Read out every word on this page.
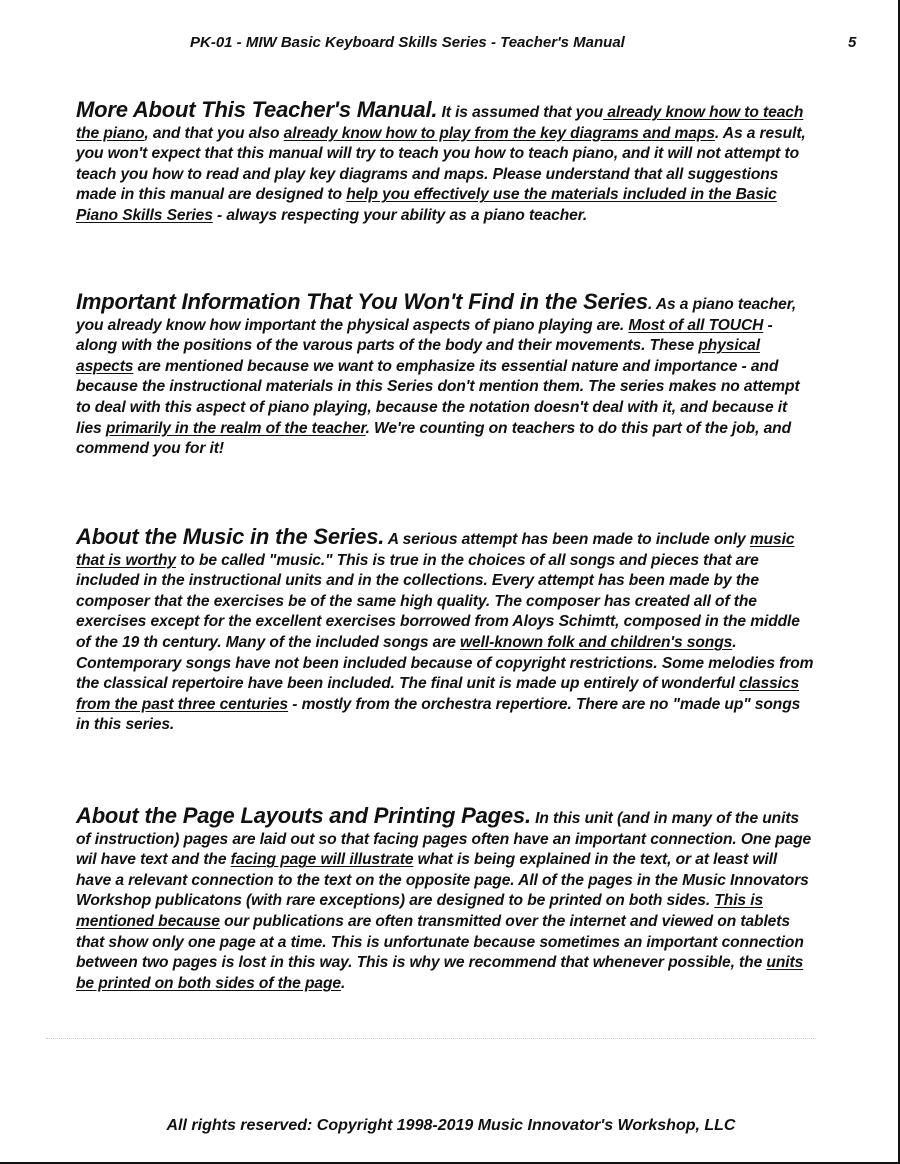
PK-01 - MIW Basic Keyboard Skills Series - Teacher's Manual	5
More About This Teacher's Manual. It is assumed that you already know how to teach the piano, and that you also already know how to play from the key diagrams and maps. As a result, you won't expect that this manual will try to teach you how to teach piano, and it will not attempt to teach you how to read and play key diagrams and maps. Please understand that all suggestions made in this manual are designed to help you effectively use the materials included in the Basic Piano Skills Series - always respecting your ability as a piano teacher.
Important Information That You Won't Find in the Series. As a piano teacher, you already know how important the physical aspects of piano playing are. Most of all TOUCH - along with the positions of the varous parts of the body and their movements. These physical aspects are mentioned because we want to emphasize its essential nature and importance - and because the instructional materials in this Series don't mention them. The series makes no attempt to deal with this aspect of piano playing, because the notation doesn't deal with it, and because it lies primarily in the realm of the teacher. We're counting on teachers to do this part of the job, and commend you for it!
About the Music in the Series. A serious attempt has been made to include only music that is worthy to be called "music." This is true in the choices of all songs and pieces that are included in the instructional units and in the collections. Every attempt has been made by the composer that the exercises be of the same high quality. The composer has created all of the exercises except for the excellent exercises borrowed from Aloys Schimtt, composed in the middle of the 19 th century. Many of the included songs are well-known folk and children's songs. Contemporary songs have not been included because of copyright restrictions. Some melodies from the classical repertoire have been included. The final unit is made up entirely of wonderful classics from the past three centuries - mostly from the orchestra repertiore. There are no "made up" songs in this series.
About the Page Layouts and Printing Pages. In this unit (and in many of the units of instruction) pages are laid out so that facing pages often have an important connection. One page wil have text and the facing page will illustrate what is being explained in the text, or at least will have a relevant connection to the text on the opposite page. All of the pages in the Music Innovators Workshop publicatons (with rare exceptions) are designed to be printed on both sides. This is mentioned because our publications are often transmitted over the internet and viewed on tablets that show only one page at a time. This is unfortunate because sometimes an important connection between two pages is lost in this way. This is why we recommend that whenever possible, the units be printed on both sides of the page.
All rights reserved: Copyright 1998-2019 Music Innovator's Workshop, LLC
